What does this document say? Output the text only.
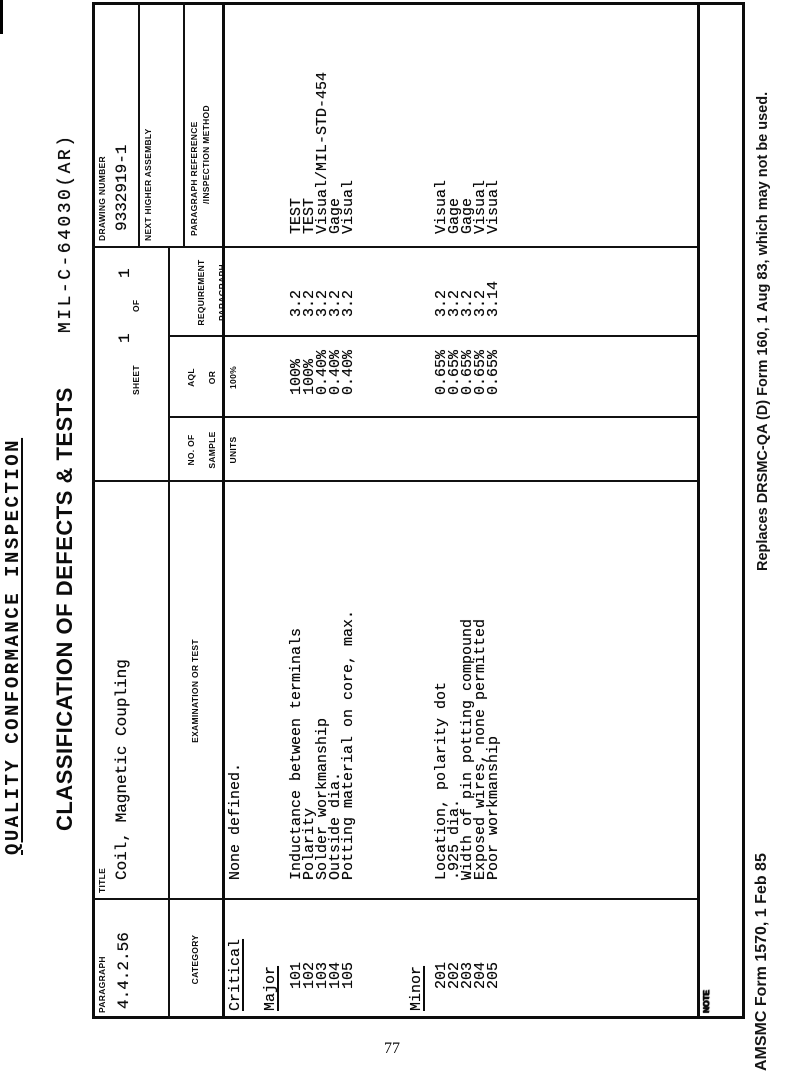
QUALITY CONFORMANCE INSPECTION CLASSIFICATION OF DEFECTS & TESTS
MIL-C-64030(AR)
PARAGRAPH 4.4.2.56
TITLE
Coil, Magnetic Coupling
SHEET
1
OF
1
DRAWING NUMBER 9332919-1 NEXT HIGHER ASSEMBLY
CATEGORY
EXAMINATION OR TEST

NO. OF SAMPLE UNITS

AQL OR 100%

REQUIREMENT PARAGRAPH

PARAGRAPH REFERENCE /INSPECTION METHOD
Critical
None defined.
Major 101
Inductance between terminals
100%
3.2
TEST
102
Polarity
100%
3.2
TEST
103
Solder workmanship
0.40%
3.2
Visual/MIL-STD-454
104
Outside dia.
0.40%
3.2
Gage
105
Potting material on core, max.
0.40%
3.2
Visual
Minor 201
Location, polarity dot
0.65%
3.2
Visual
202
.925 dia.
0.65%
3.2
Gage
203
Width of pin potting compound
0.65%
3.2
Gage
204
Exposed wires, none permitted
0.65%
3.2
Visual
205
Poor workmanship
0.65%
3.14
Visual
NOTE	AMSMC Form 1570, 1 Feb 85
Replaces DRSMC-QA (D) Form 160, 1 Aug 83, which may not be used.
77
